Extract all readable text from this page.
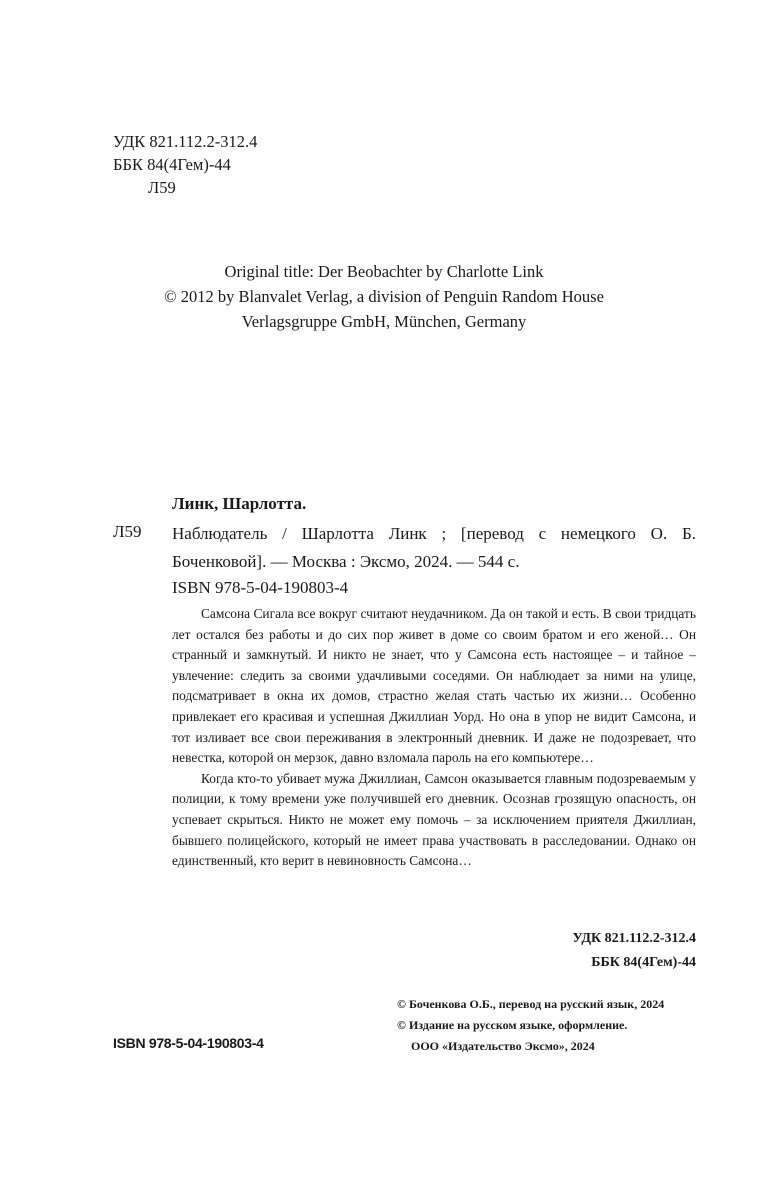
УДК 821.112.2-312.4
ББК 84(4Гем)-44
Л59
Original title: Der Beobachter by Charlotte Link
© 2012 by Blanvalet Verlag, a division of Penguin Random House
Verlagsgruppe GmbH, München, Germany
Линк, Шарлотта.
Л59 Наблюдатель / Шарлотта Линк ; [перевод с немецкого О. Б. Боченковой]. — Москва : Эксмо, 2024. — 544 с.
ISBN 978-5-04-190803-4

Самсона Сигала все вокруг считают неудачником. Да он такой и есть. В свои тридцать лет остался без работы и до сих пор живет в доме со своим братом и его женой… Он странный и замкнутый. И никто не знает, что у Самсона есть настоящее – и тайное – увлечение: следить за своими удачливыми соседями. Он наблюдает за ними на улице, подсматривает в окна их домов, страстно желая стать частью их жизни… Особенно привлекает его красивая и успешная Джиллиан Уорд. Но она в упор не видит Самсона, и тот изливает все свои переживания в электронный дневник. И даже не подозревает, что невестка, которой он мерзок, давно взломала пароль на его компьютере…

Когда кто-то убивает мужа Джиллиан, Самсон оказывается главным подозреваемым у полиции, к тому времени уже получившей его дневник. Осознав грозящую опасность, он успевает скрыться. Никто не может ему помочь – за исключением приятеля Джиллиан, бывшего полицейского, который не имеет права участвовать в расследовании. Однако он единственный, кто верит в невиновность Самсона…

УДК 821.112.2-312.4
ББК 84(4Гем)-44
© Боченкова О.Б., перевод на русский язык, 2024
© Издание на русском языке, оформление.
ООО «Издательство Эксмо», 2024
ISBN 978-5-04-190803-4
